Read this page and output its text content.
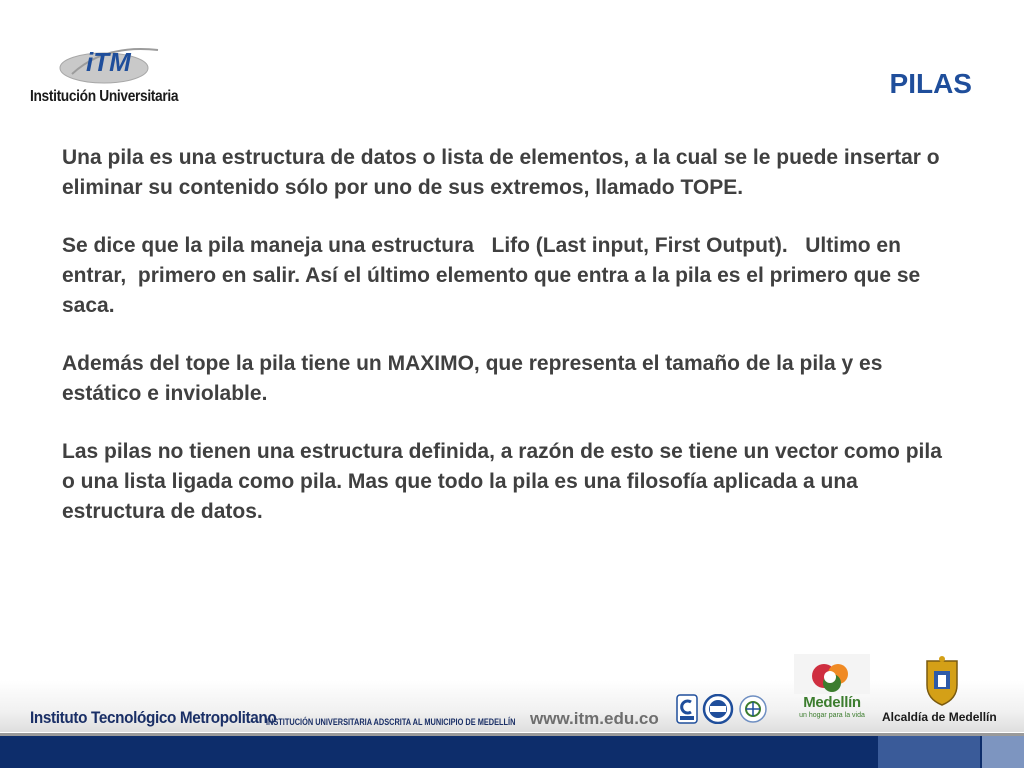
iTM
Institución Universitaria	PILAS

Una pila es una estructura de datos o lista de elementos, a la cual se le puede insertar o eliminar su contenido sólo por uno de sus extremos, llamado TOPE.

Se dice que la pila maneja una estructura   Lifo (Last input, First Output).   Ultimo en entrar,  primero en salir. Así el último elemento que entra a la pila es el primero que se saca.

Además del tope la pila tiene un MAXIMO, que representa el tamaño de la pila y es estático e inviolable.

Las pilas no tienen una estructura definida, a razón de esto se tiene un vector como pila o una lista ligada como pila. Mas que todo la pila es una filosofía aplicada a una estructura de datos.

Instituto Tecnológico Metropolitano
INSTITUCIÓN UNIVERSITARIA ADSCRITA AL MUNICIPIO DE MEDELLÍN www.itm.edu.co
Medellín
un hogar para la vida	Alcaldía de Medellín
